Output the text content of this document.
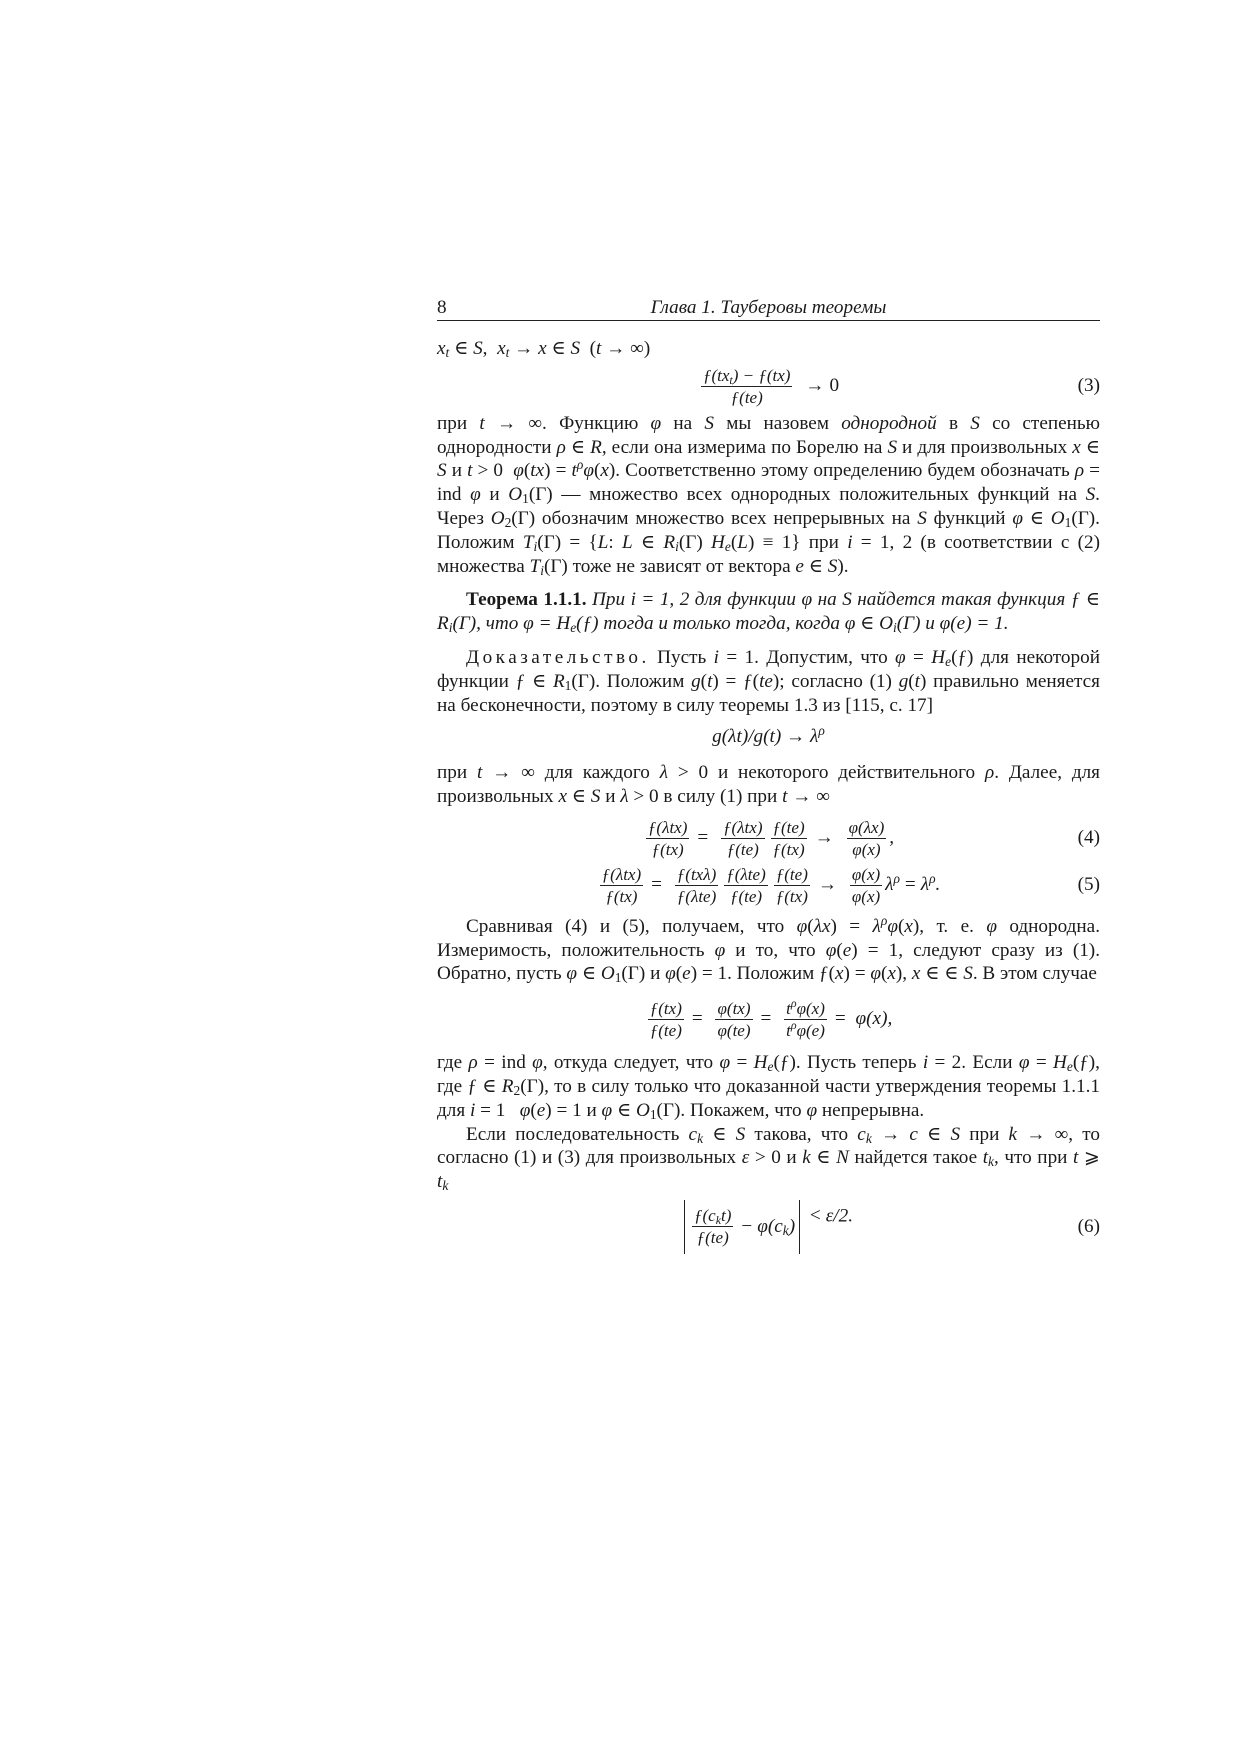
8	Глава 1. Тауберовы теоремы

$x_t$ ∈ S,  $x_t \to x$ ∈ S  (t → ∞)

$\frac{ƒ(tx_t) - ƒ(tx)}{ƒ(te)} \to 0$	(3)

при t → ∞. Функцию φ на S мы назовем однородной в S со степенью однородности ρ ∈ R, если она измерима по Борелю на S и для произвольных x ∈ S и t > 0  $\varphi(tx) = t^\rho\varphi(x)$. Соответственно этому определению будем обозначать ρ = ind φ и $O_1(\Gamma)$ — множество всех однородных положительных функций на S. Через $O_2(\Gamma)$ обозначим множество всех непрерывных на S функций φ ∈ $O_1(\Gamma)$. Положим $T_i(\Gamma) = \{L$: L ∈ $R_i(\Gamma) H_e(L) \equiv 1$} при i = 1, 2 (в соответствии с (2) множества $T_i(\Gamma)$ тоже не зависят от вектора e ∈ S).

Теорема 1.1.1. При i = 1, 2 для функции φ на S найдется такая функция ƒ ∈ $R_i(\Gamma)$, что $\varphi = H_e(ƒ)$ тогда и только тогда, когда φ ∈ $O_i(\Gamma)$ и φ(e) = 1.

Доказательство. Пусть i = 1. Допустим, что $\varphi = H_e(ƒ)$ для некоторой функции ƒ ∈ $R_1(\Gamma)$. Положим g(t) = ƒ(te); согласно (1) g(t) правильно меняется на бесконечности, поэтому в силу теоремы 1.3 из [115, с. 17]

$g(\lambda t)/g(t) \to \lambda^\rho$

при t → ∞ для каждого λ > 0 и некоторого действительного ρ. Далее, для произвольных x ∈ S и λ > 0 в силу (1) при t → ∞

$\frac{\text{ƒ(λtx)}}{ƒ(tx)} = \frac{\text{ƒ(λtx)}}{ƒ(te)} \frac{ƒ(te)}{ƒ(tx)} \to \frac{\varphi(\lambda x)}{\varphi(x)}$ ,	(4)
$\frac{\text{ƒ(λtx)}}{ƒ(tx)} = \frac{\text{ƒ(txλ)}}{\text{ƒ(λte)}} \frac{\text{ƒ(λte)}}{ƒ(te)} \frac{ƒ(te)}{ƒ(tx)} \to \frac{\varphi(x)}{\varphi(x)} \lambda^\rho = \lambda^\rho$.	(5)

Сравнивая (4) и (5), получаем, что $\varphi(\lambda x) = \lambda^\rho\varphi(x)$, т. е. φ однородна. Измеримость, положительность φ и то, что φ(e) = 1, следуют сразу из (1). Обратно, пусть φ ∈ $O_1(\Gamma)$ и φ(e) = 1. Положим ƒ(x) = φ(x), x ∈ ∈ S. В этом случае

$\frac{ƒ(tx)}{ƒ(te)} = \frac{\varphi(tx)}{\varphi(te)} = \frac{t^\rho\varphi(x)}{t^\rho\varphi(e)} = \varphi(x)$,

где ρ = ind φ, откуда следует, что $\varphi = H_e(ƒ)$. Пусть теперь i = 2. Если $\varphi = H_e(ƒ)$, где ƒ ∈ $R_2(\Gamma)$, то в силу только что доказанной части утверждения теоремы 1.1.1 для i = 1   φ(e) = 1 и φ ∈ $O_1(\Gamma)$. Покажем, что φ непрерывна.

Если последовательность $c_k$ ∈ S такова, что $c_k \to c$ ∈ S при k → ∞, то согласно (1) и (3) для произвольных ε > 0 и k ∈ N найдется такое $t_k$, что при t ⩾ $t_k$

$\frac{ƒ(c_kt)}{ƒ(te)} - \varphi$ ( $c_k$ ) < ε/2.
(6)
